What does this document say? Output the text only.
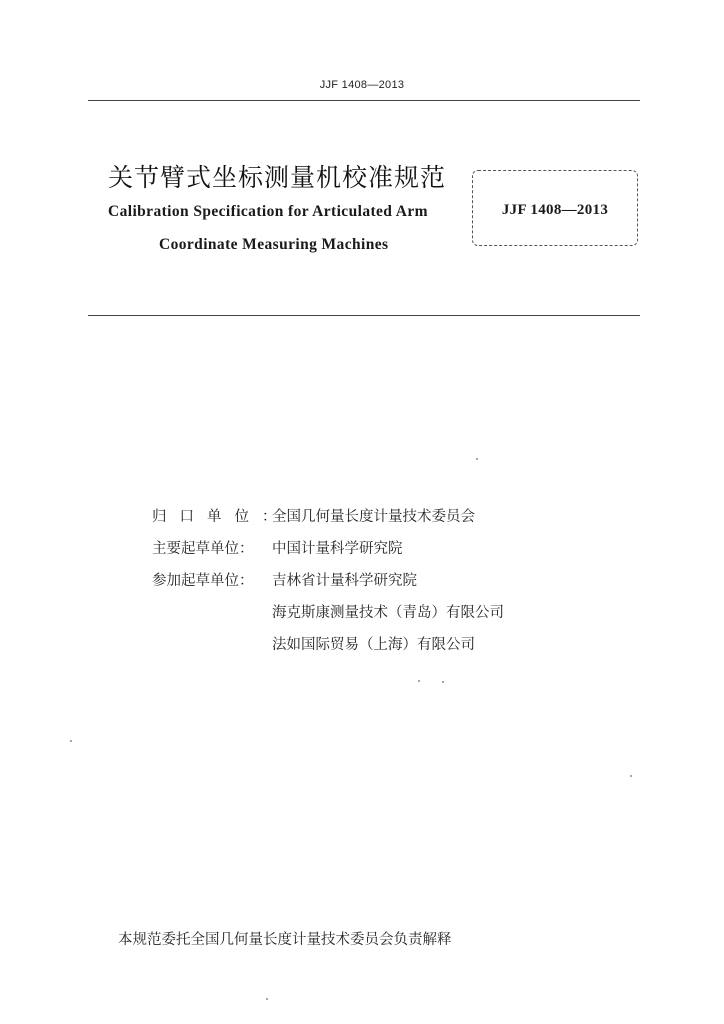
JJF 1408—2013
关节臂式坐标测量机校准规范
Calibration Specification for Articulated Arm
Coordinate Measuring Machines
JJF 1408—2013
归口单位：
全国几何量长度计量技术委员会
主要起草单位：	中国计量科学研究院
参加起草单位：	吉林省计量科学研究院
海克斯康测量技术（青岛）有限公司
法如国际贸易（上海）有限公司
本规范委托全国几何量长度计量技术委员会负责解释
